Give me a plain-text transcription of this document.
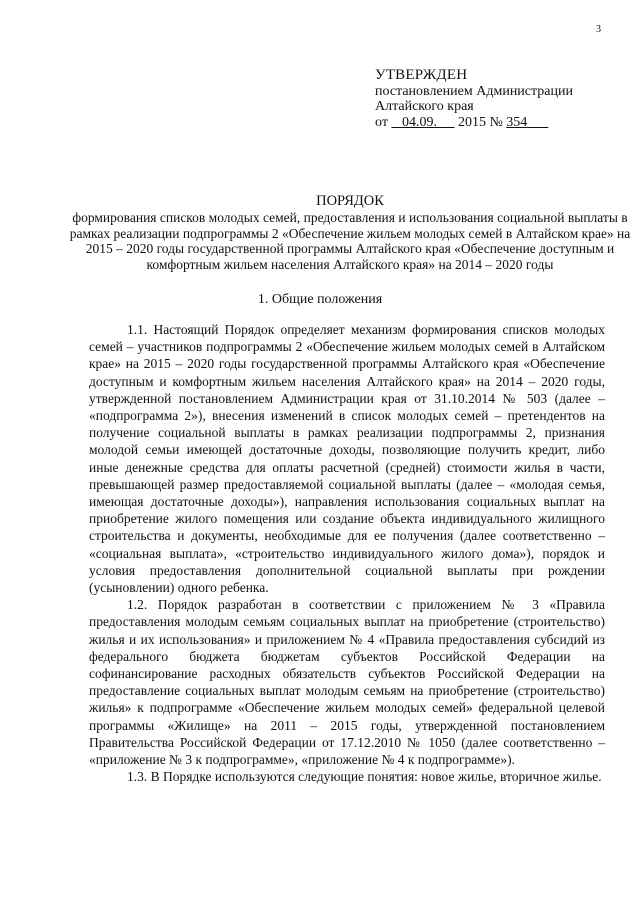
3
УТВЕРЖДЕН
постановлением Администрации
Алтайского края
от 04.09. 2015 № 354
ПОРЯДОК
формирования списков молодых семей, предоставления и использования социальной выплаты в рамках реализации подпрограммы 2 «Обеспечение жильем молодых семей в Алтайском крае» на 2015 – 2020 годы государственной программы Алтайского края «Обеспечение доступным и комфортным жильем населения Алтайского края» на 2014 – 2020 годы
1. Общие положения

1.1. Настоящий Порядок определяет механизм формирования списков молодых семей – участников подпрограммы 2 «Обеспечение жильем молодых семей в Алтайском крае» на 2015 – 2020 годы государственной программы Алтайского края «Обеспечение доступным и комфортным жильем населения Алтайского края» на 2014 – 2020 годы, утвержденной постановлением Администрации края от 31.10.2014 № 503 (далее – «подпрограмма 2»), внесения изменений в список молодых семей – претендентов на получение социальной выплаты в рамках реализации подпрограммы 2, признания молодой семьи имеющей достаточные доходы, позволяющие получить кредит, либо иные денежные средства для оплаты расчетной (средней) стоимости жилья в части, превышающей размер предоставляемой социальной выплаты (далее – «молодая семья, имеющая достаточные доходы»), направления использования социальных выплат на приобретение жилого помещения или создание объекта индивидуального жилищного строительства и документы, необходимые для ее получения (далее соответственно – «социальная выплата», «строительство индивидуального жилого дома»), порядок и условия предоставления дополнительной социальной выплаты при рождении (усыновлении) одного ребенка.

1.2. Порядок разработан в соответствии с приложением № 3 «Правила предоставления молодым семьям социальных выплат на приобретение (строительство) жилья и их использования» и приложением № 4 «Правила предоставления субсидий из федерального бюджета бюджетам субъектов Российской Федерации на софинансирование расходных обязательств субъектов Российской Федерации на предоставление социальных выплат молодым семьям на приобретение (строительство) жилья» к подпрограмме «Обеспечение жильем молодых семей» федеральной целевой программы «Жилище» на 2011 – 2015 годы, утвержденной постановлением Правительства Российской Федерации от 17.12.2010 № 1050 (далее соответственно – «приложение № 3 к подпрограмме», «приложение № 4 к подпрограмме»).

1.3. В Порядке используются следующие понятия: новое жилье, вторичное жилье.
